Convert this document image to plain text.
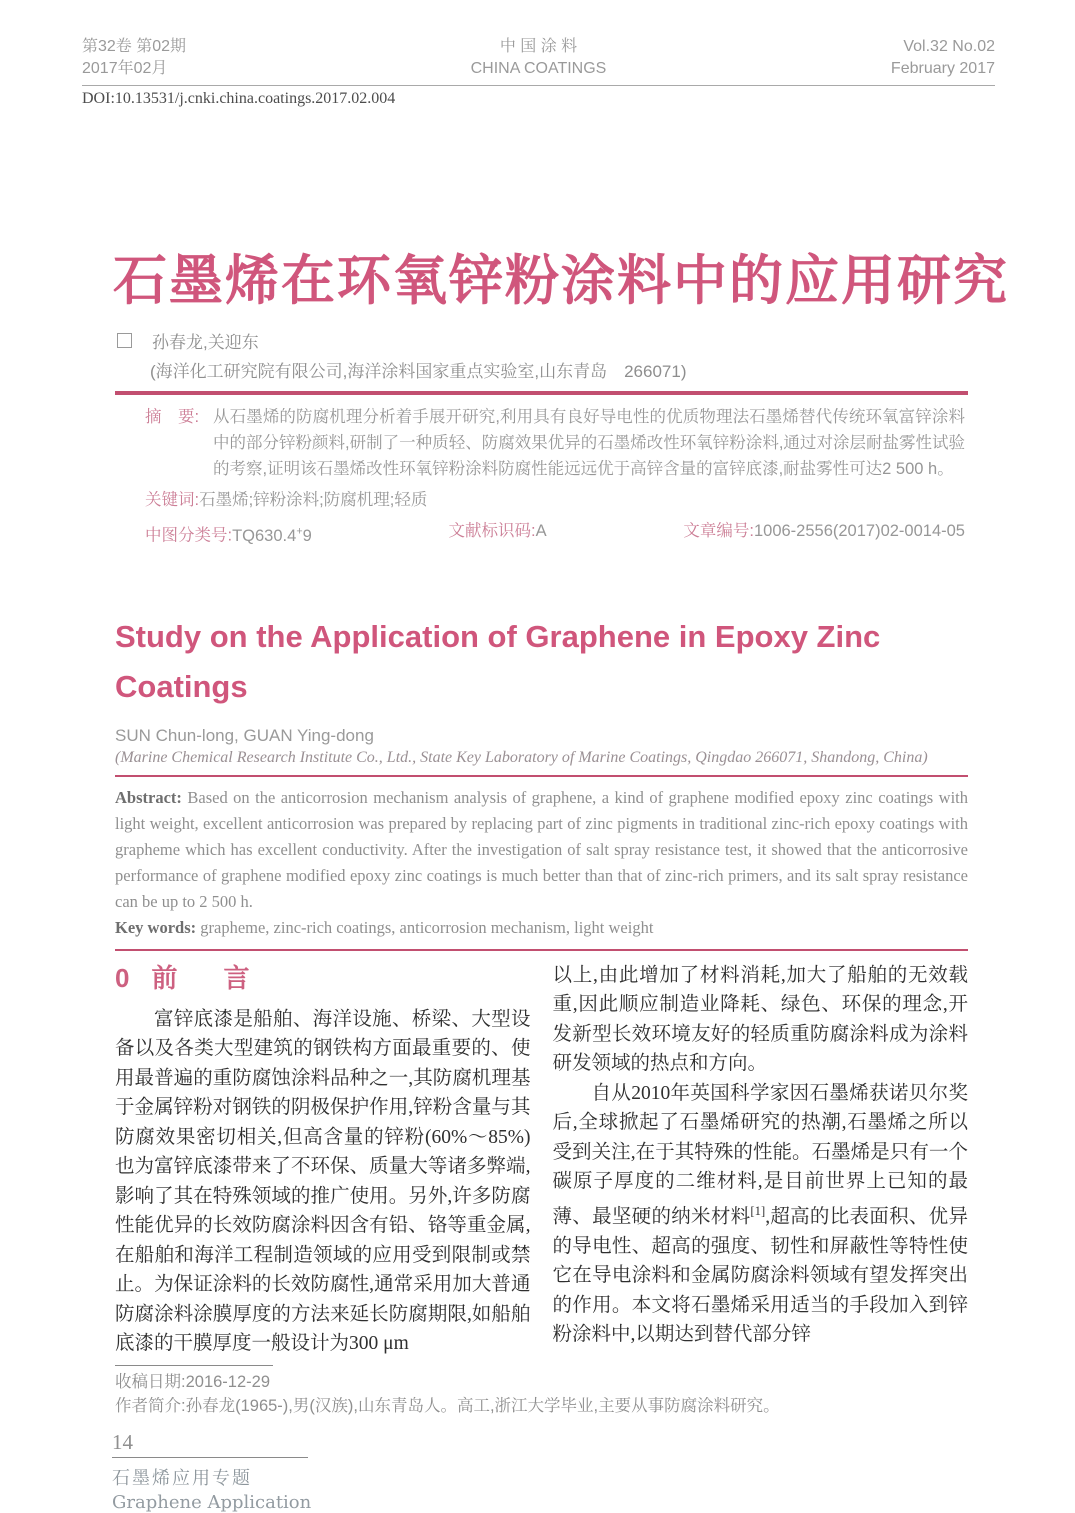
第32卷 第02期
2017年02月
中 国 涂 料
CHINA COATINGS
Vol.32 No.02
February 2017
DOI:10.13531/j.cnki.china.coatings.2017.02.004
石墨烯在环氧锌粉涂料中的应用研究
孙春龙,关迎东
(海洋化工研究院有限公司,海洋涂料国家重点实验室,山东青岛　266071)
摘　要: 从石墨烯的防腐机理分析着手展开研究,利用具有良好导电性的优质物理法石墨烯替代传统环氧富锌涂料中的部分锌粉颜料,研制了一种质轻、防腐效果优异的石墨烯改性环氧锌粉涂料,通过对涂层耐盐雾性试验的考察,证明该石墨烯改性环氧锌粉涂料防腐性能远远优于高锌含量的富锌底漆,耐盐雾性可达2 500 h。
关键词:石墨烯;锌粉涂料;防腐机理;轻质
中图分类号:TQ630.4+9	文献标识码:A	文章编号:1006-2556(2017)02-0014-05
Study on the Application of Graphene in Epoxy Zinc
Coatings
SUN Chun-long, GUAN Ying-dong
(Marine Chemical Research Institute Co., Ltd., State Key Laboratory of Marine Coatings, Qingdao 266071, Shandong, China)
Abstract: Based on the anticorrosion mechanism analysis of graphene, a kind of graphene modified epoxy zinc coatings with light weight, excellent anticorrosion was prepared by replacing part of zinc pigments in traditional zinc-rich epoxy coatings with grapheme which has excellent conductivity. After the investigation of salt spray resistance test, it showed that the anticorrosive performance of graphene modified epoxy zinc coatings is much better than that of zinc-rich primers, and its salt spray resistance can be up to 2 500 h.
Key words: grapheme, zinc-rich coatings, anticorrosion mechanism, light weight
0 前　言

富锌底漆是船舶、海洋设施、桥梁、大型设备以及各类大型建筑的钢铁构方面最重要的、使用最普遍的重防腐蚀涂料品种之一,其防腐机理基于金属锌粉对钢铁的阴极保护作用,锌粉含量与其防腐效果密切相关,但高含量的锌粉(60%～85%)也为富锌底漆带来了不环保、质量大等诸多弊端,影响了其在特殊领域的推广使用。另外,许多防腐性能优异的长效防腐涂料因含有铅、铬等重金属,在船舶和海洋工程制造领域的应用受到限制或禁止。为保证涂料的长效防腐性,通常采用加大普通防腐涂料涂膜厚度的方法来延长防腐期限,如船舶底漆的干膜厚度一般设计为300 μm

以上,由此增加了材料消耗,加大了船舶的无效载重,因此顺应制造业降耗、绿色、环保的理念,开发新型长效环境友好的轻质重防腐涂料成为涂料研发领域的热点和方向。

自从2010年英国科学家因石墨烯获诺贝尔奖后,全球掀起了石墨烯研究的热潮,石墨烯之所以受到关注,在于其特殊的性能。石墨烯是只有一个碳原子厚度的二维材料,是目前世界上已知的最薄、最坚硬的纳米材料[1],超高的比表面积、优异的导电性、超高的强度、韧性和屏蔽性等特性使它在导电涂料和金属防腐涂料领域有望发挥突出的作用。本文将石墨烯采用适当的手段加入到锌粉涂料中,以期达到替代部分锌

收稿日期:2016-12-29
作者简介:孙春龙(1965-),男(汉族),山东青岛人。高工,浙江大学毕业,主要从事防腐涂料研究。
14
石墨烯应用专题
Graphene Application
